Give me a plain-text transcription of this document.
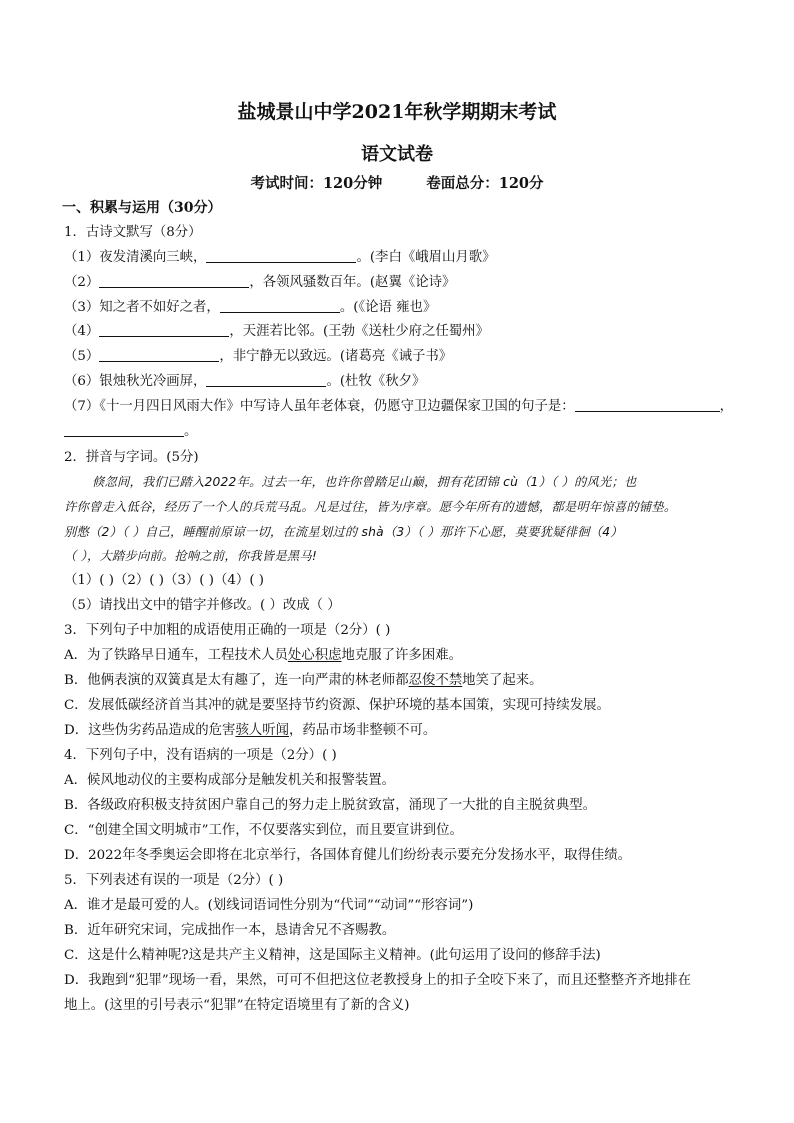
盐城景山中学2021年秋学期期末考试
语文试卷
考试时间：120分钟	卷面总分：120分
一、积累与运用（30分）
1．古诗文默写（8分）
（1）夜发清溪向三峡，	。(李白《峨眉山月歌》
（2）	，各领风骚数百年。(赵翼《论诗》
（3）知之者不如好之者，	。(《论语 雍也》
（4）	，天涯若比邻。(王勃《送杜少府之任蜀州》
（5）	，非宁静无以致远。(诸葛亮《诫子书》
（6）银烛秋光冷画屏，	。(杜牧《秋夕》
（7）《十一月四日风雨大作》中写诗人虽年老体衰，仍愿守卫边疆保家卫国的句子是：	，
。
2．拼音与字词。(5分)
倏忽间，我们已踏入2022年。过去一年，也许你曾踏足山巅，拥有花团锦 cù（1）（ ）的风光；也
许你曾走入低谷，经历了一个人的兵荒马乱。凡是过往，皆为序章。愿今年所有的遗憾，都是明年惊喜的铺垫。
别憋（2）（ ）自己，睡醒前原谅一切，在流星划过的 shà（3）（ ）那许下心愿，莫要犹疑徘徊（4）
（ ），大踏步向前。抢响之前，你我皆是黑马!
（1）( )（2）( )（3）( )（4）( )
（5）请找出文中的错字并修改。( ）改成（ ）
3．下列句子中加粗的成语使用正确的一项是（2分）( )
A．为了铁路早日通车，工程技术人员处心积虑地克服了许多困难。
B．他俩表演的双簧真是太有趣了，连一向严肃的林老师都忍俊不禁地笑了起来。
C．发展低碳经济首当其冲的就是要坚持节约资源、保护环境的基本国策，实现可持续发展。
D．这些伪劣药品造成的危害骇人听闻，药品市场非整顿不可。
4．下列句子中，没有语病的一项是（2分）( )
A．候风地动仪的主要构成部分是触发机关和报警装置。
B．各级政府积极支持贫困户靠自己的努力走上脱贫致富，涌现了一大批的自主脱贫典型。
C．“创建全国文明城市”工作，不仅要落实到位，而且要宣讲到位。
D．2022年冬季奥运会即将在北京举行，各国体育健儿们纷纷表示要充分发扬水平，取得佳绩。
5．下列表述有误的一项是（2分）( )
A．谁才是最可爱的人。(划线词语词性分别为“代词”“动词”“形容词”)
B．近年研究宋词，完成拙作一本，恳请舍兄不吝赐教。
C．这是什么精神呢?这是共产主义精神，这是国际主义精神。(此句运用了设问的修辞手法)
D．我跑到“犯罪”现场一看，果然，可可不但把这位老教授身上的扣子全咬下来了，而且还整整齐齐地排在
地上。(这里的引号表示“犯罪”在特定语境里有了新的含义)
